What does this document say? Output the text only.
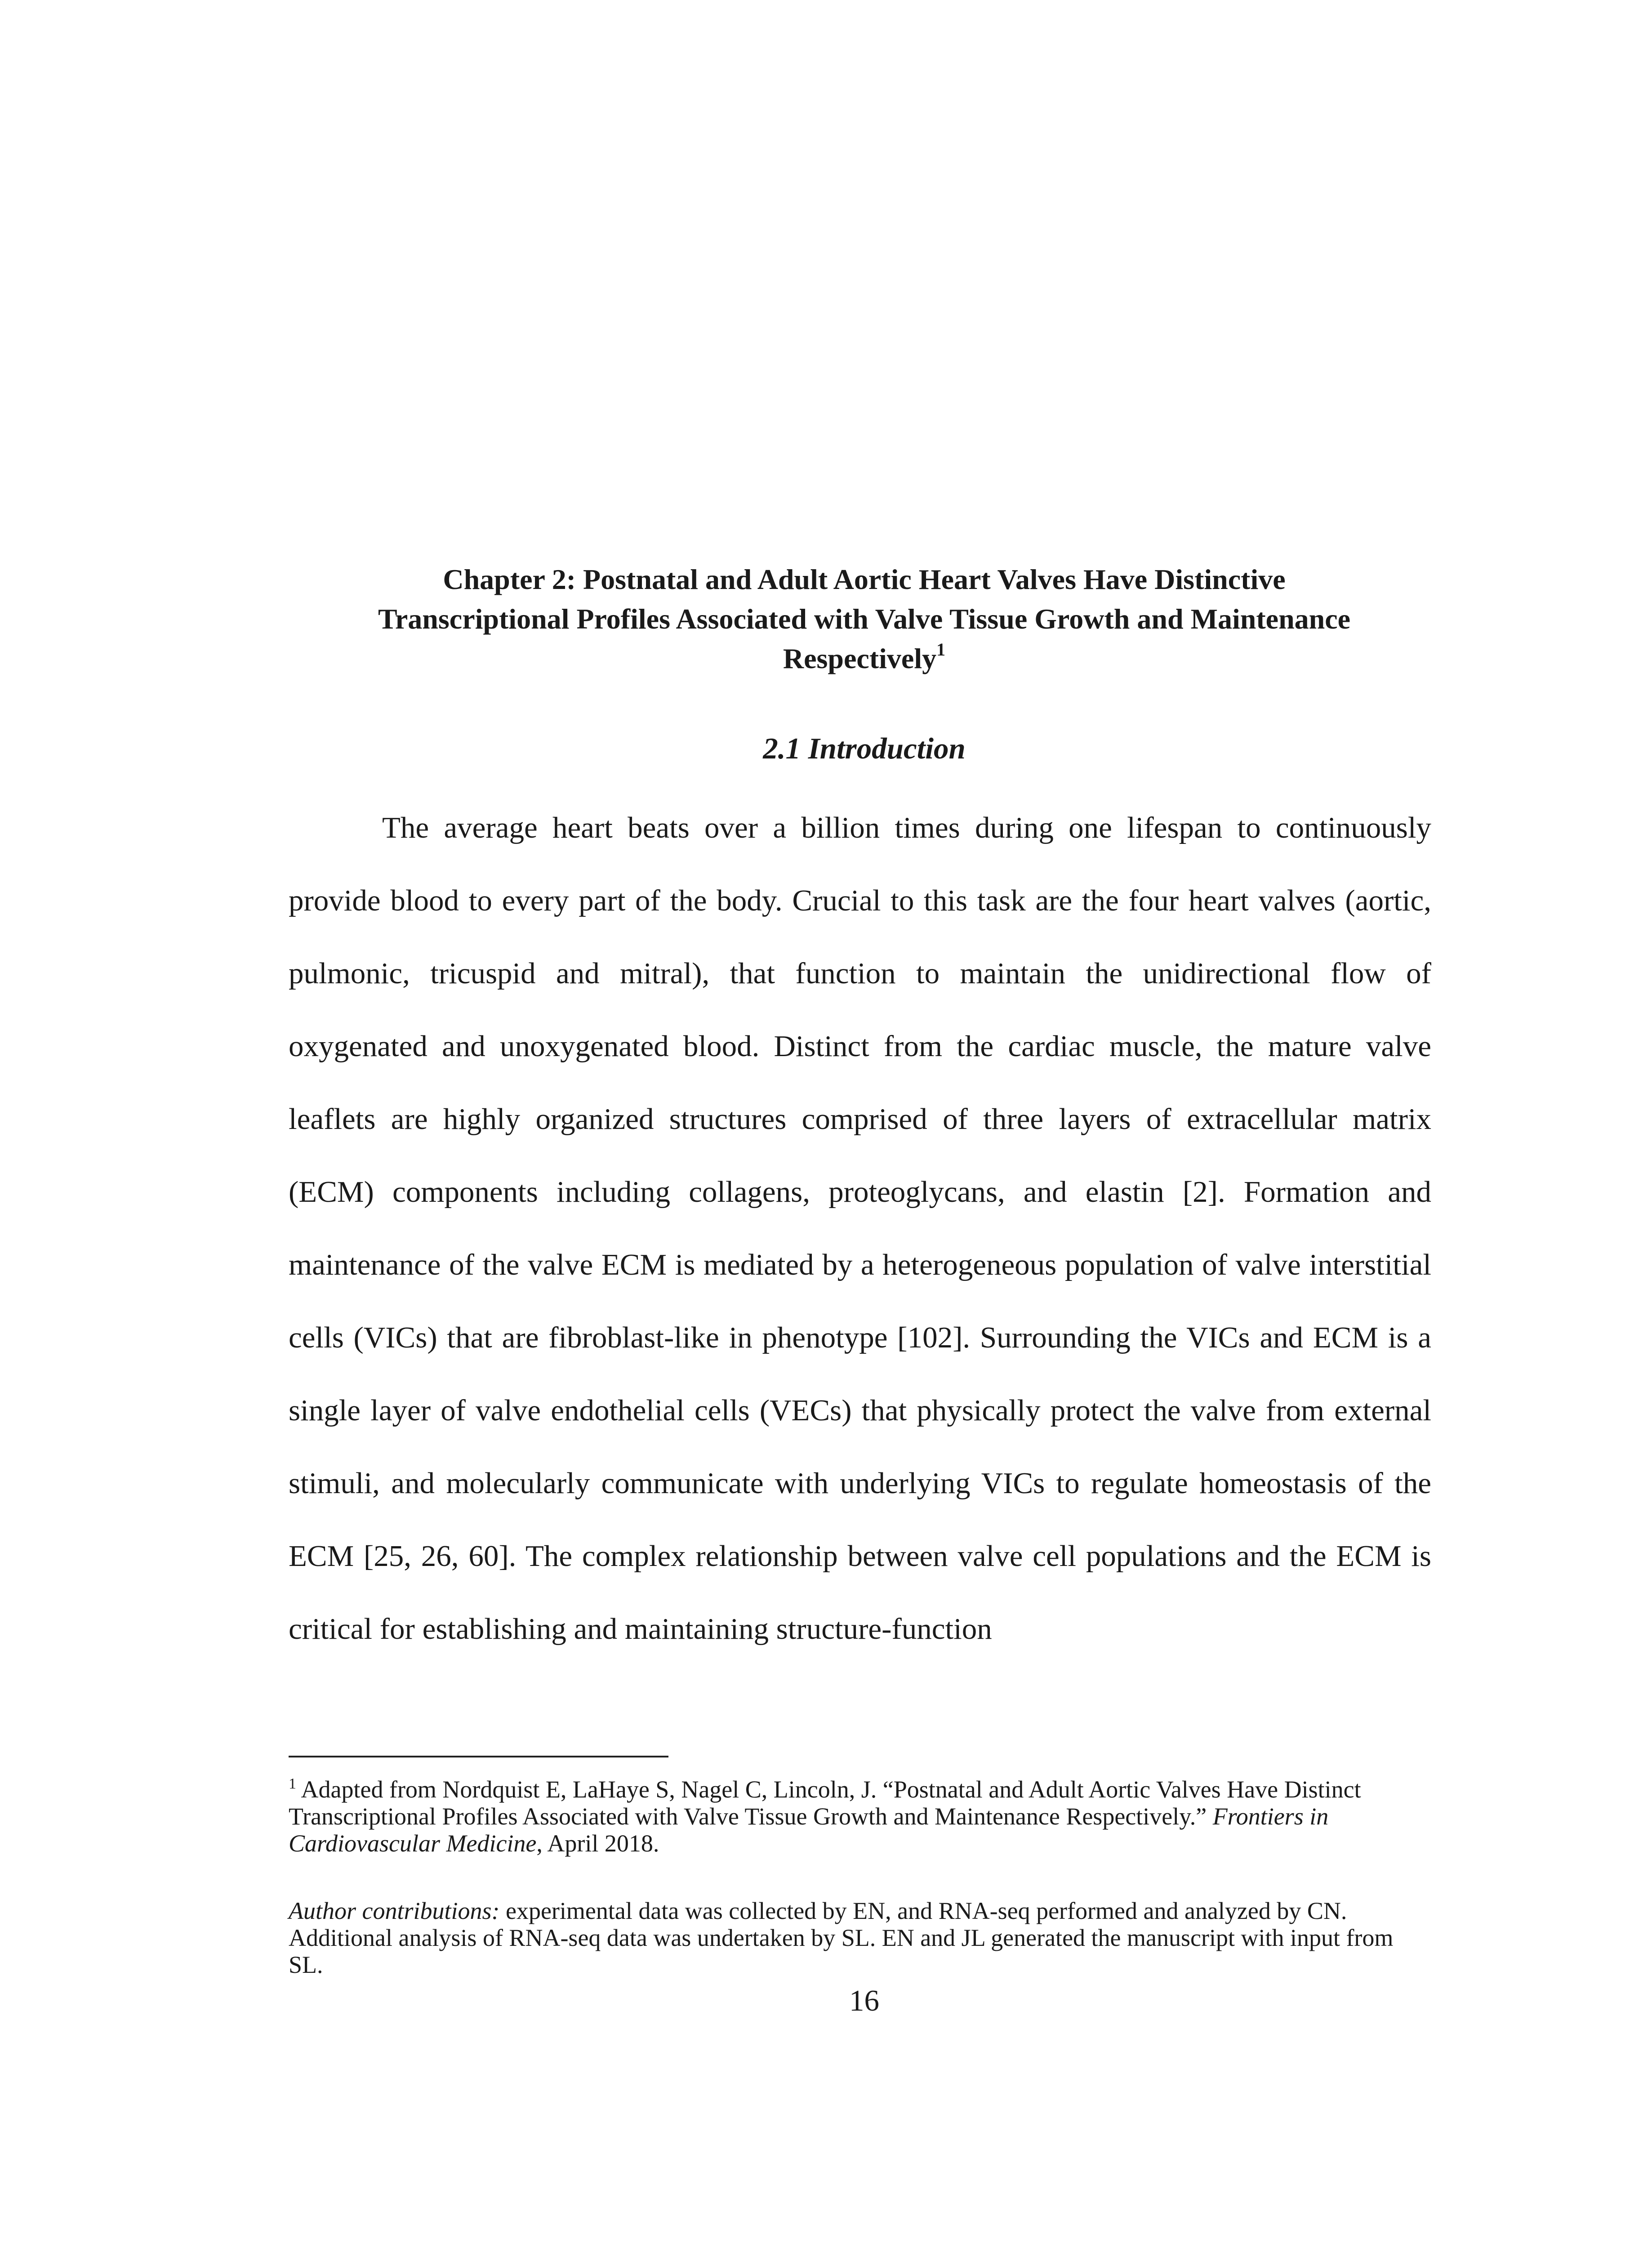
Chapter 2: Postnatal and Adult Aortic Heart Valves Have Distinctive
Transcriptional Profiles Associated with Valve Tissue Growth and Maintenance
Respectively$^1$
2.1 Introduction

The average heart beats over a billion times during one lifespan to continuously provide blood to every part of the body. Crucial to this task are the four heart valves (aortic, pulmonic, tricuspid and mitral), that function to maintain the unidirectional flow of oxygenated and unoxygenated blood. Distinct from the cardiac muscle, the mature valve leaflets are highly organized structures comprised of three layers of extracellular matrix (ECM) components including collagens, proteoglycans, and elastin [2]. Formation and maintenance of the valve ECM is mediated by a heterogeneous population of valve interstitial cells (VICs) that are fibroblast-like in phenotype [102]. Surrounding the VICs and ECM is a single layer of valve endothelial cells (VECs) that physically protect the valve from external stimuli, and molecularly communicate with underlying VICs to regulate homeostasis of the ECM [25, 26, 60]. The complex relationship between valve cell populations and the ECM is critical for establishing and maintaining structure-function

$^1$ Adapted from Nordquist E, LaHaye S, Nagel C, Lincoln, J. “Postnatal and Adult Aortic Valves Have Distinct Transcriptional Profiles Associated with Valve Tissue Growth and Maintenance Respectively.” Frontiers in Cardiovascular Medicine, April 2018.

Author contributions: experimental data was collected by EN, and RNA-seq performed and analyzed by CN. Additional analysis of RNA-seq data was undertaken by SL. EN and JL generated the manuscript with input from SL.

16
